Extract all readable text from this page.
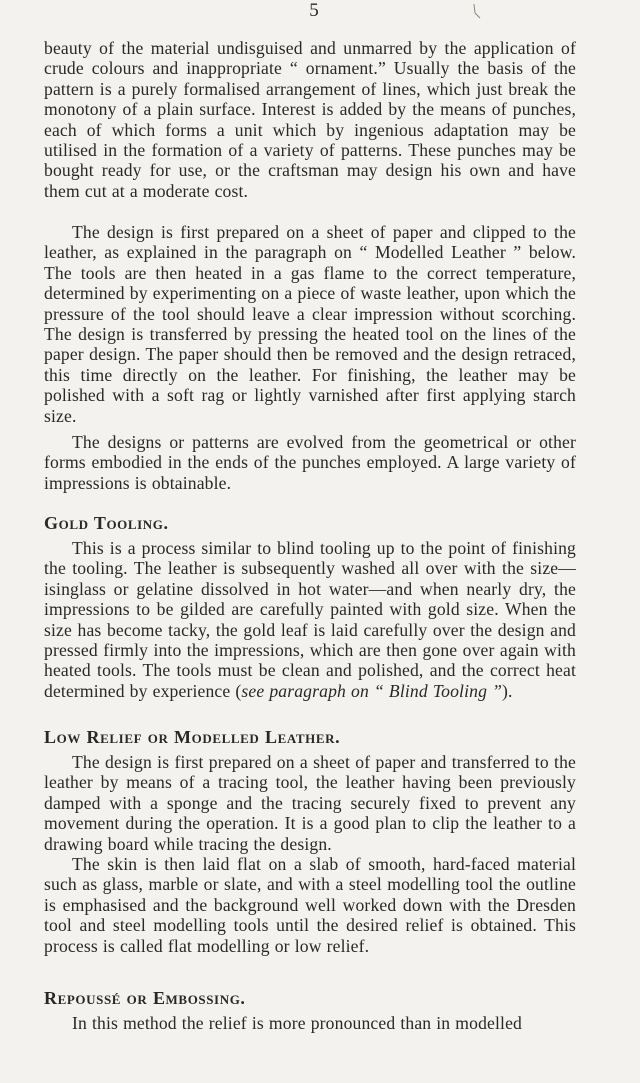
5

beauty of the material undisguised and unmarred by the application of crude colours and inappropriate “ ornament.” Usually the basis of the pattern is a purely formalised arrangement of lines, which just break the monotony of a plain surface. Interest is added by the means of punches, each of which forms a unit which by ingenious adaptation may be utilised in the formation of a variety of patterns. These punches may be bought ready for use, or the craftsman may design his own and have them cut at a moderate cost.

The design is first prepared on a sheet of paper and clipped to the leather, as explained in the paragraph on “ Modelled Leather ” below. The tools are then heated in a gas flame to the correct temperature, determined by experimenting on a piece of waste leather, upon which the pressure of the tool should leave a clear impression without scorching. The design is transferred by pressing the heated tool on the lines of the paper design. The paper should then be removed and the design retraced, this time directly on the leather. For finishing, the leather may be polished with a soft rag or lightly varnished after first applying starch size.

The designs or patterns are evolved from the geometrical or other forms embodied in the ends of the punches employed. A large variety of impressions is obtainable.

Gold Tooling.

This is a process similar to blind tooling up to the point of finishing the tooling. The leather is subsequently washed all over with the size—isinglass or gelatine dissolved in hot water—and when nearly dry, the impressions to be gilded are carefully painted with gold size. When the size has become tacky, the gold leaf is laid carefully over the design and pressed firmly into the impressions, which are then gone over again with heated tools. The tools must be clean and polished, and the correct heat determined by experience (see paragraph on “ Blind Tooling ”).

Low Relief or Modelled Leather.

The design is first prepared on a sheet of paper and transferred to the leather by means of a tracing tool, the leather having been previously damped with a sponge and the tracing securely fixed to prevent any movement during the operation. It is a good plan to clip the leather to a drawing board while tracing the design.

The skin is then laid flat on a slab of smooth, hard-faced material such as glass, marble or slate, and with a steel modelling tool the outline is emphasised and the background well worked down with the Dresden tool and steel modelling tools until the desired relief is obtained. This process is called flat modelling or low relief.

Repoussé or Embossing.

In this method the relief is more pronounced than in modelled
